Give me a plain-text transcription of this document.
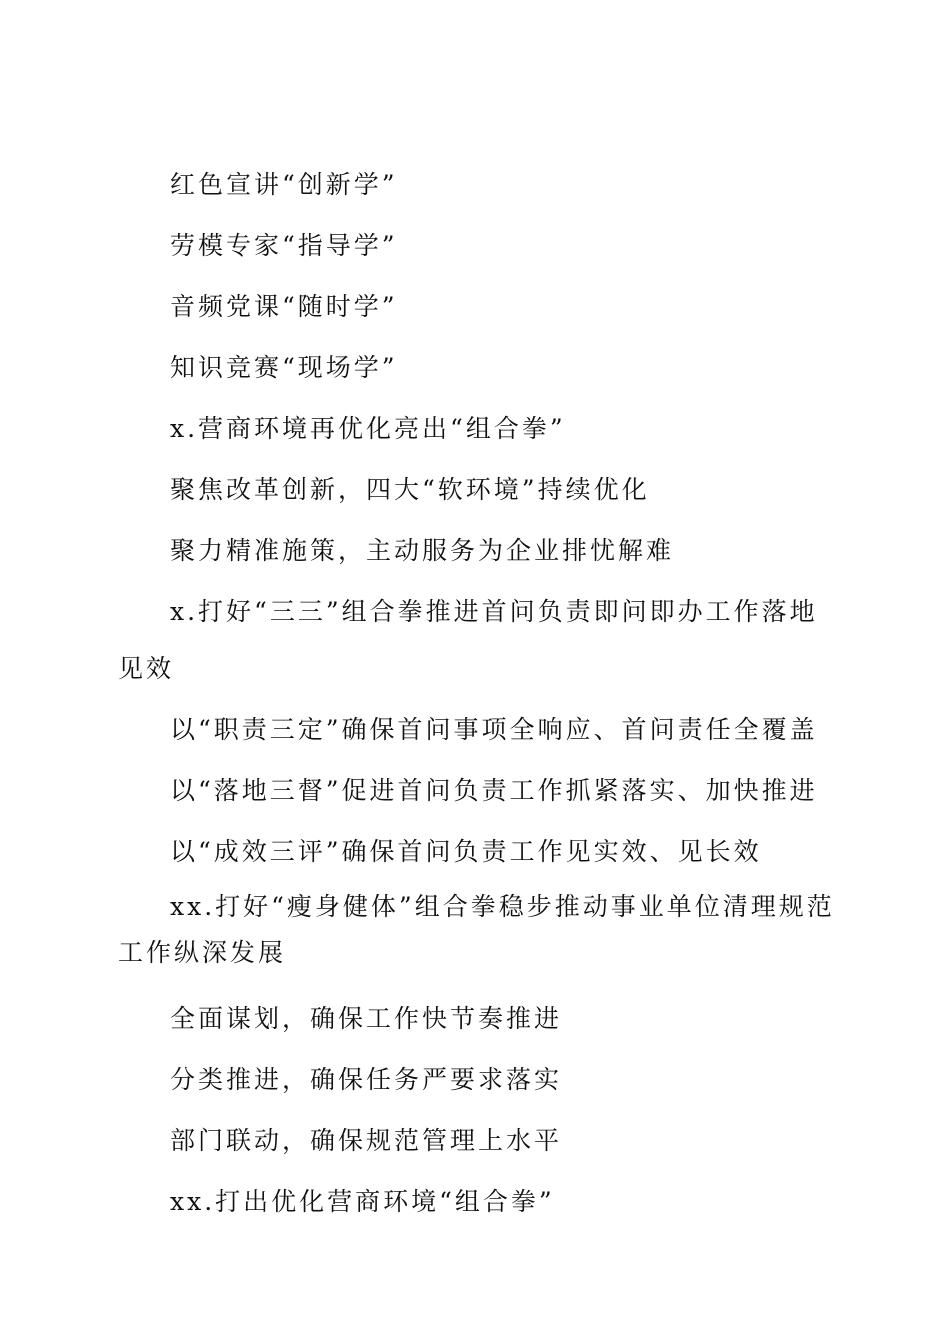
红色宣讲“创新学”

劳模专家“指导学”

音频党课“随时学”

知识竞赛“现场学”

x.营商环境再优化亮出“组合拳”

聚焦改革创新，四大“软环境”持续优化

聚力精准施策，主动服务为企业排忧解难

x.打好“三三”组合拳推进首问负责即问即办工作落地见效

以“职责三定”确保首问事项全响应、首问责任全覆盖

以“落地三督”促进首问负责工作抓紧落实、加快推进

以“成效三评”确保首问负责工作见实效、见长效

xx.打好“瘦身健体”组合拳稳步推动事业单位清理规范工作纵深发展

全面谋划，确保工作快节奏推进

分类推进，确保任务严要求落实

部门联动，确保规范管理上水平

xx.打出优化营商环境“组合拳”
